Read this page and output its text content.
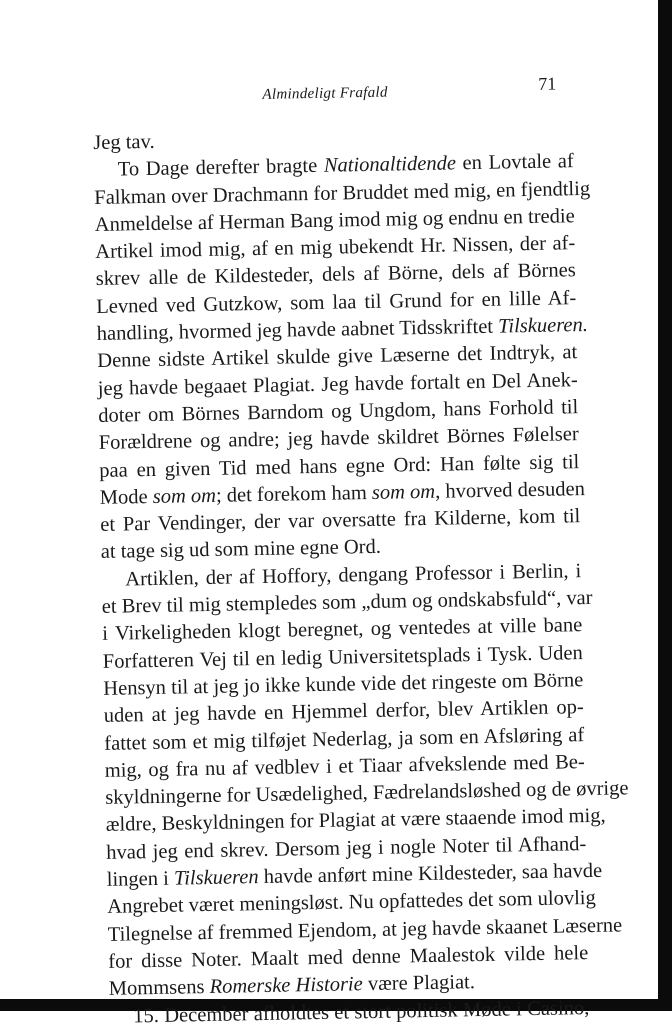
Almindeligt Frafald	71
Jeg tav.
To Dage derefter bragte Nationaltidende en Lovtale af
Falkman over Drachmann for Bruddet med mig, en fjendtlig
Anmeldelse af Herman Bang imod mig og endnu en tredie
Artikel imod mig, af en mig ubekendt Hr. Nissen, der af-
skrev alle de Kildesteder, dels af Börne, dels af Börnes
Levned ved Gutzkow, som laa til Grund for en lille Af-
handling, hvormed jeg havde aabnet Tidsskriftet Tilskueren.
Denne sidste Artikel skulde give Læserne det Indtryk, at
jeg havde begaaet Plagiat. Jeg havde fortalt en Del Anek-
doter om Börnes Barndom og Ungdom, hans Forhold til
Forældrene og andre; jeg havde skildret Börnes Følelser
paa en given Tid med hans egne Ord: Han følte sig til
Mode som om; det forekom ham som om, hvorved desuden
et Par Vendinger, der var oversatte fra Kilderne, kom til
at tage sig ud som mine egne Ord.
Artiklen, der af Hoffory, dengang Professor i Berlin, i
et Brev til mig stempledes som „dum og ondskabsfuld“, var
i Virkeligheden klogt beregnet, og ventedes at ville bane
Forfatteren Vej til en ledig Universitetsplads i Tysk. Uden
Hensyn til at jeg jo ikke kunde vide det ringeste om Börne
uden at jeg havde en Hjemmel derfor, blev Artiklen op-
fattet som et mig tilføjet Nederlag, ja som en Afsløring af
mig, og fra nu af vedblev i et Tiaar afvekslende med Be-
skyldningerne for Usædelighed, Fædrelandsløshed og de øvrige
ældre, Beskyldningen for Plagiat at være staaende imod mig,
hvad jeg end skrev. Dersom jeg i nogle Noter til Afhand-
lingen i Tilskueren havde anført mine Kildesteder, saa havde
Angrebet været meningsløst. Nu opfattedes det som ulovlig
Tilegnelse af fremmed Ejendom, at jeg havde skaanet Læserne
for disse Noter. Maalt med denne Maalestok vilde hele
Mommsens Romerske Historie være Plagiat.
15. December afholdtes et stort politisk Møde i Casino,
